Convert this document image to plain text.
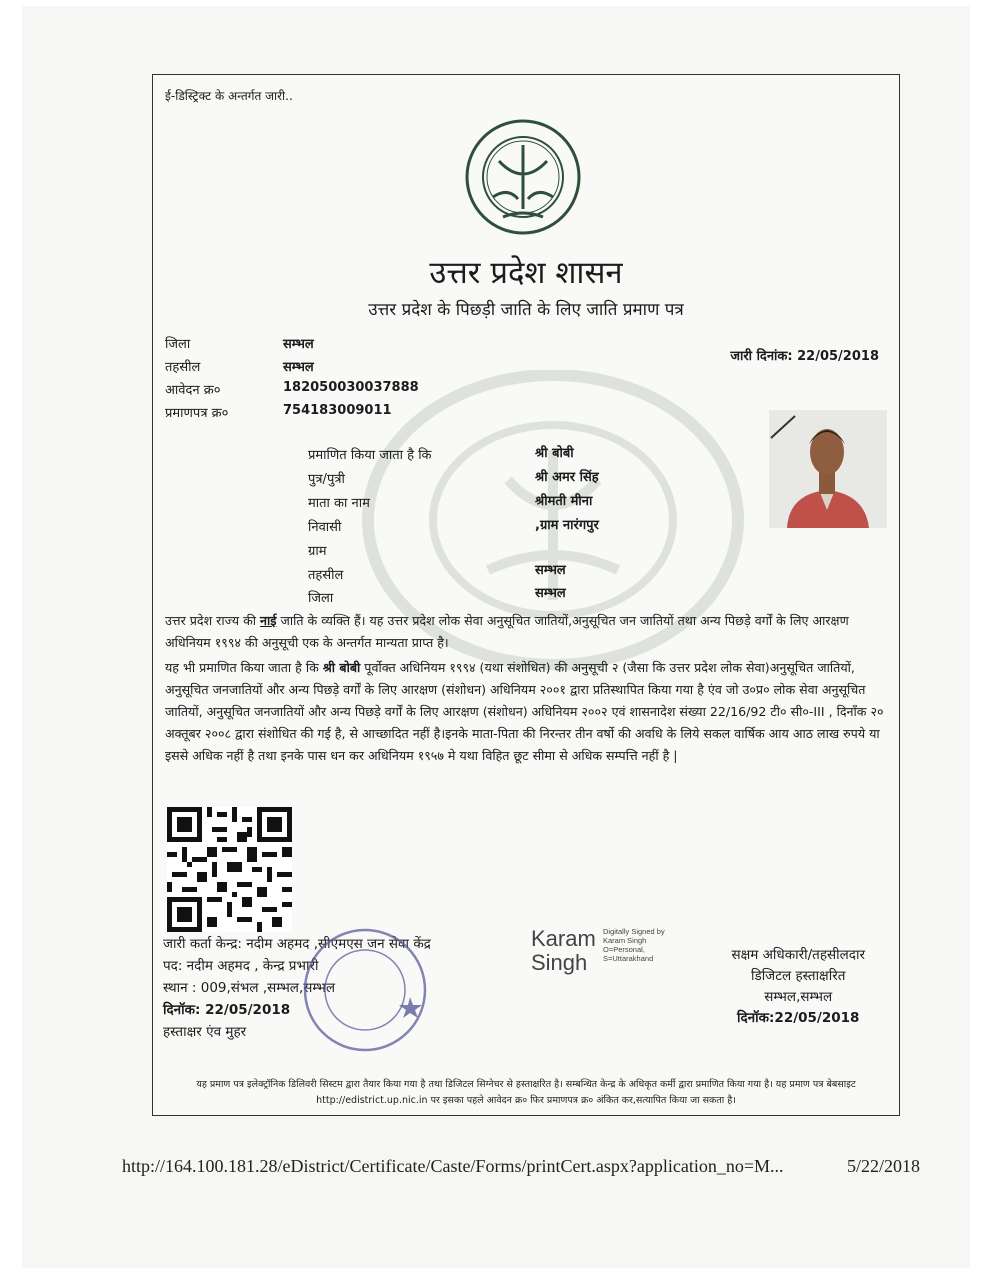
ई-डिस्ट्रिक्ट के अन्तर्गत जारी..
उत्तर प्रदेश शासन
उत्तर प्रदेश के पिछड़ी जाति के लिए जाति प्रमाण पत्र
जिला	सम्भल
तहसील	सम्भल
आवेदन क्र०	182050030037888
प्रमाणपत्र क्र०	754183009011
जारी दिनांक: 22/05/2018
प्रमाणित किया जाता है कि	श्री बोबी
पुत्र/पुत्री	श्री अमर सिंह
माता का नाम	श्रीमती मीना
निवासी	,ग्राम नारंगपुर
ग्राम
तहसील	सम्भल
जिला	सम्भल
उत्तर प्रदेश राज्य की नाई जाति के व्यक्ति हैं। यह उत्तर प्रदेश लोक सेवा अनुसूचित जातियों,अनुसूचित जन जातियों तथा अन्य पिछड़े वर्गों के लिए आरक्षण अधिनियम १९९४ की अनुसूची एक के अन्तर्गत मान्यता प्राप्त है।
यह भी प्रमाणित किया जाता है कि श्री बोबी पूर्वोक्त अधिनियम १९९४ (यथा संशोधित) की अनुसूची २ (जैसा कि उत्तर प्रदेश लोक सेवा)अनुसूचित जातियों, अनुसूचित जनजातियों और अन्य पिछड़े वर्गों के लिए आरक्षण (संशोधन) अधिनियम २००१ द्वारा प्रतिस्थापित किया गया है एंव जो उ०प्र० लोक सेवा अनुसूचित जातियों, अनुसूचित जनजातियों और अन्य पिछड़े वर्गों के लिए आरक्षण (संशोधन) अधिनियम २००२ एवं शासनादेश संख्या 22/16/92 टी० सी०-III , दिनाँक २० अक्तूबर २००८ द्वारा संशोधित की गई है, से आच्छादित नहीं है।इनके माता-पिता की निरन्तर तीन वर्षो की अवधि के लिये सकल वार्षिक आय आठ लाख रुपये या इससे अधिक नहीं है तथा इनके पास धन कर अधिनियम १९५७ मे यथा विहित छूट सीमा से अधिक सम्पत्ति नहीं है |
जारी कर्ता केन्द्र: नदीम अहमद ,सीएमएस जन सेवा केंद्र
पद: नदीम अहमद , केन्द्र प्रभारी
स्थान : 009,संभल ,सम्भल,सम्भल
दिनॉक: 22/05/2018
हस्ताक्षर एंव मुहर
Karam
Singh
Digitally Signed by
Karam Singh
O=Personal,
S=Uttarakhand	सक्षम अधिकारी/तहसीलदार
डिजिटल हस्ताक्षरित
सम्भल,सम्भल
दिनॉक:22/05/2018
यह प्रमाण पत्र इलेक्ट्रॉनिक डिलिवरी सिस्टम द्वारा तैयार किया गया है तथा डिजिटल सिग्नेचर से हस्ताक्षरित है। सम्बन्धित केन्द्र के अधिकृत कर्मी द्वारा प्रमाणित किया गया है। यह प्रमाण पत्र बेबसाइट http://edistrict.up.nic.in पर इसका पहले आवेदन क्र० फिर प्रमाणपत्र क्र० अंकित कर,सत्यापित किया जा सकता है।
http://164.100.181.28/eDistrict/Certificate/Caste/Forms/printCert.aspx?application_no=M...	5/22/2018
